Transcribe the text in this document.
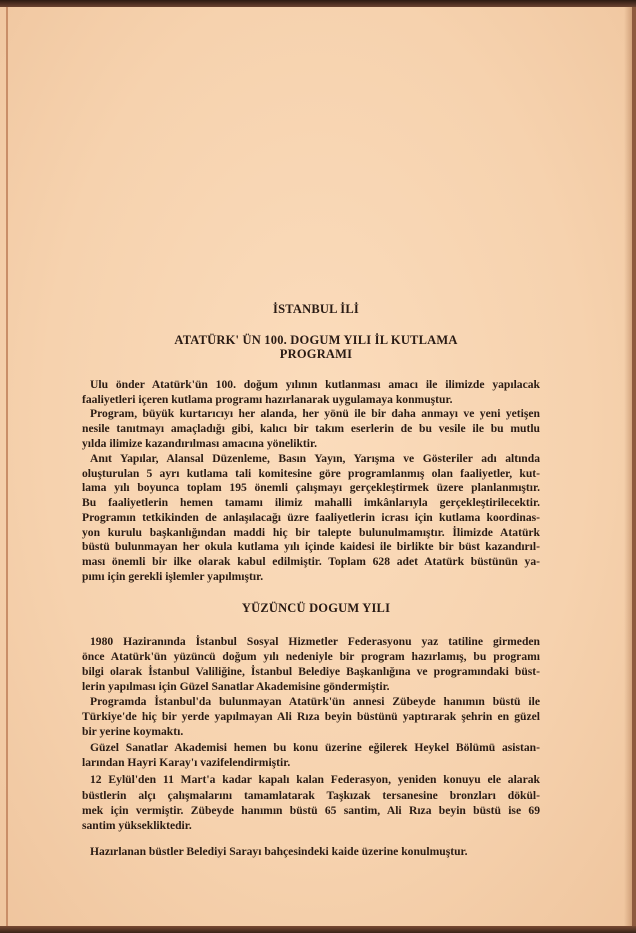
İSTANBUL İLİ
ATATÜRK' ÜN 100. DOGUM YILI İL KUTLAMA
PROGRAMI
Ulu önder Atatürk'ün 100. doğum yılının kutlanması amacı ile ilimizde yapılacak
faaliyetleri içeren kutlama programı hazırlanarak uygulamaya konmuştur.
Program, büyük kurtarıcıyı her alanda, her yönü ile bir daha anmayı ve yeni yetişen
nesile tanıtmayı amaçladığı gibi, kalıcı bir takım eserlerin de bu vesile ile bu mutlu
yılda ilimize kazandırılması amacına yöneliktir.
Anıt Yapılar, Alansal Düzenleme, Basın Yayın, Yarışma ve Gösteriler adı altında
oluşturulan 5 ayrı kutlama tali komitesine göre programlanmış olan faaliyetler, kut-
lama yılı boyunca toplam 195 önemli çalışmayı gerçekleştirmek üzere planlanmıştır.
Bu faaliyetlerin hemen tamamı ilimiz mahalli imkânlarıyla gerçekleştirilecektir.
Programın tetkikinden de anlaşılacağı üzre faaliyetlerin icrası için kutlama koordinas-
yon kurulu başkanlığından maddi hiç bir talepte bulunulmamıştır. İlimizde Atatürk
büstü bulunmayan her okula kutlama yılı içinde kaidesi ile birlikte bir büst kazandırıl-
ması önemli bir ilke olarak kabul edilmiştir. Toplam 628 adet Atatürk büstünün ya-
pımı için gerekli işlemler yapılmıştır.
YÜZÜNCÜ DOGUM YILI
1980 Haziranında İstanbul Sosyal Hizmetler Federasyonu yaz tatiline girmeden
önce Atatürk'ün yüzüncü doğum yılı nedeniyle bir program hazırlamış, bu programı
bilgi olarak İstanbul Valiliğine, İstanbul Belediye Başkanlığına ve programındaki büst-
lerin yapılması için Güzel Sanatlar Akademisine göndermiştir.
Programda İstanbul'da bulunmayan Atatürk'ün annesi Zübeyde hanımın büstü ile
Türkiye'de hiç bir yerde yapılmayan Ali Rıza beyin büstünü yaptırarak şehrin en güzel
bir yerine koymaktı.
Güzel Sanatlar Akademisi hemen bu konu üzerine eğilerek Heykel Bölümü asistan-
larından Hayri Karay'ı vazifelendirmiştir.
12 Eylül'den 11 Mart'a kadar kapalı kalan Federasyon, yeniden konuyu ele alarak
büstlerin alçı çalışmalarını tamamlatarak Taşkızak tersanesine bronzları dökül-
mek için vermiştir. Zübeyde hanımın büstü 65 santim, Ali Rıza beyin büstü ise 69
santim yüksekliktedir.
Hazırlanan büstler Belediyi Sarayı bahçesindeki kaide üzerine konulmuştur.
